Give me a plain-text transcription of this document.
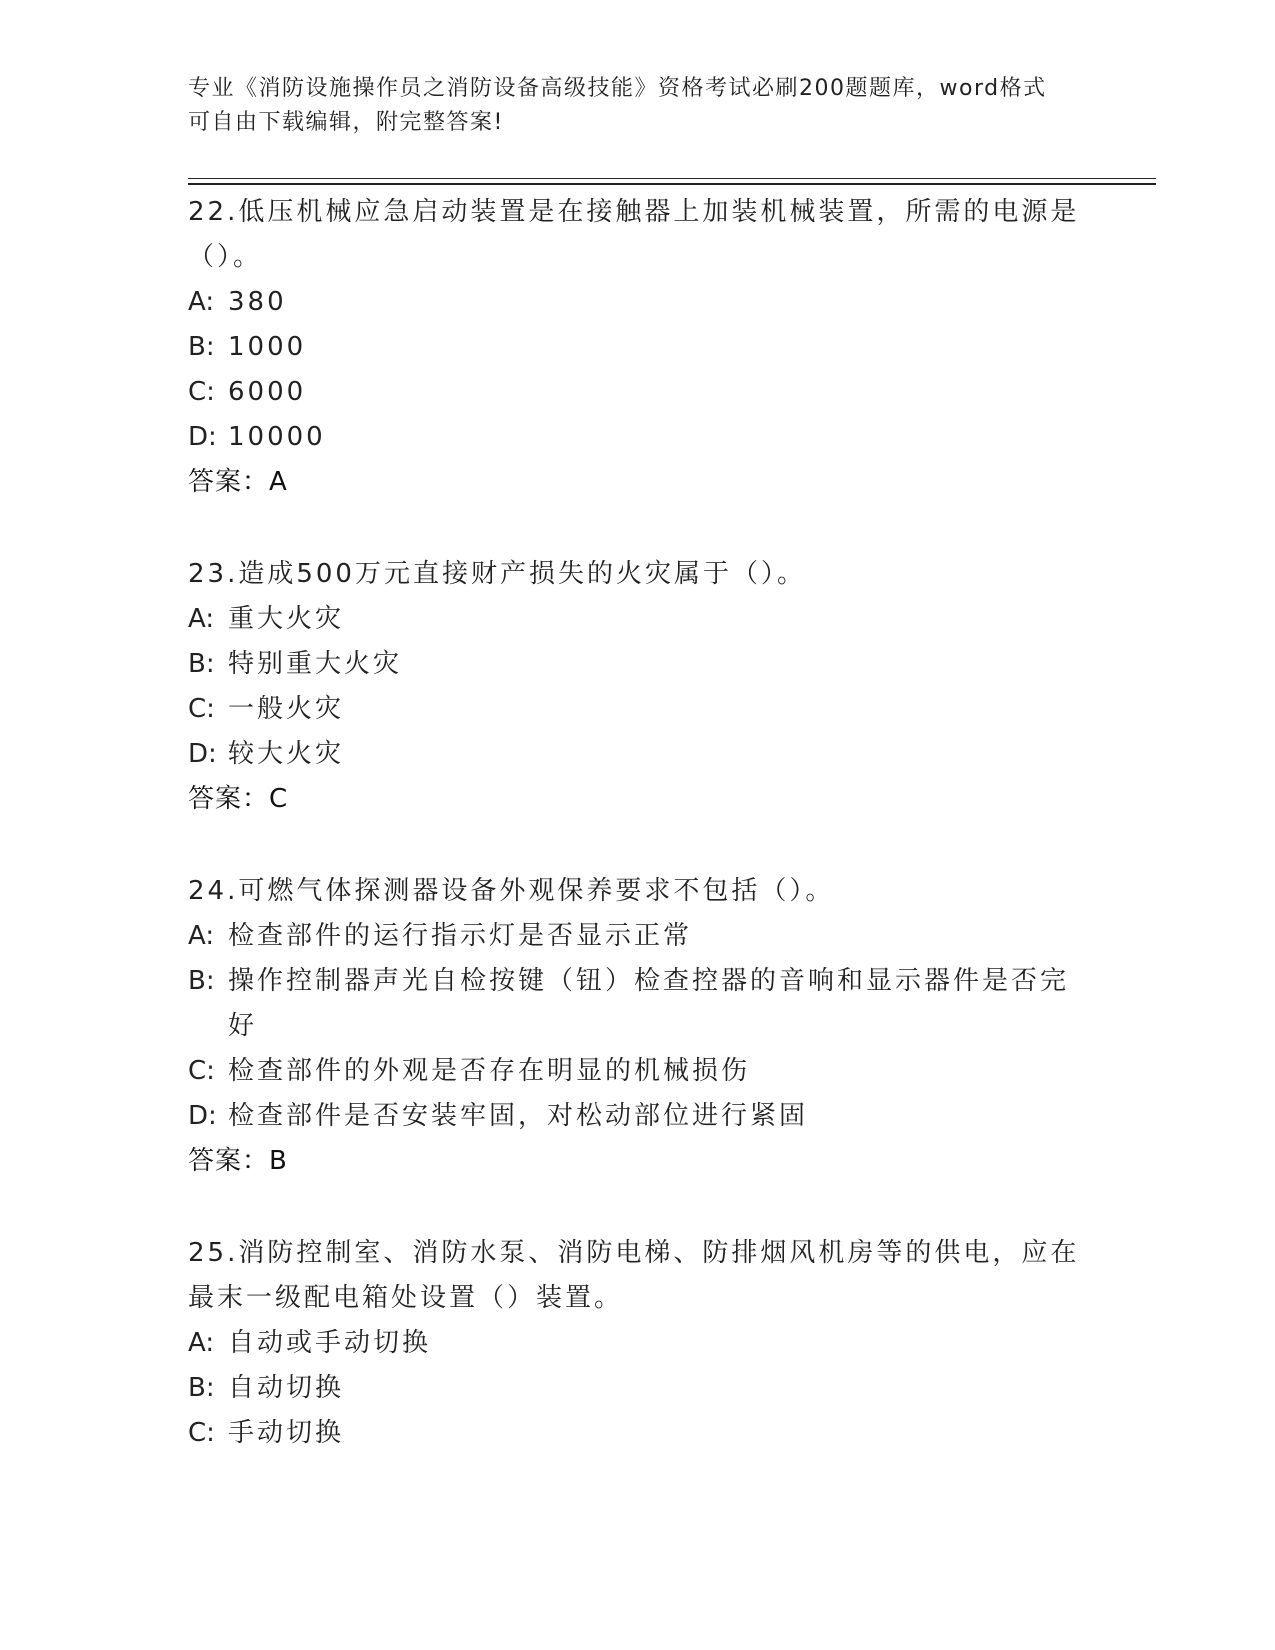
专业《消防设施操作员之消防设备高级技能》资格考试必刷200题题库，word格式可自由下载编辑，附完整答案!
22.低压机械应急启动装置是在接触器上加装机械装置，所需的电源是（）。
A: 380
B: 1000
C: 6000
D: 10000
答案：A
23.造成500万元直接财产损失的火灾属于（）。
A: 重大火灾
B: 特别重大火灾
C: 一般火灾
D: 较大火灾
答案：C
24.可燃气体探测器设备外观保养要求不包括（）。
A: 检查部件的运行指示灯是否显示正常
B: 操作控制器声光自检按键（钮）检查控器的音响和显示器件是否完好
C: 检查部件的外观是否存在明显的机械损伤
D: 检查部件是否安装牢固，对松动部位进行紧固
答案：B
25.消防控制室、消防水泵、消防电梯、防排烟风机房等的供电，应在最末一级配电箱处设置（）装置。
A: 自动或手动切换
B: 自动切换
C: 手动切换
